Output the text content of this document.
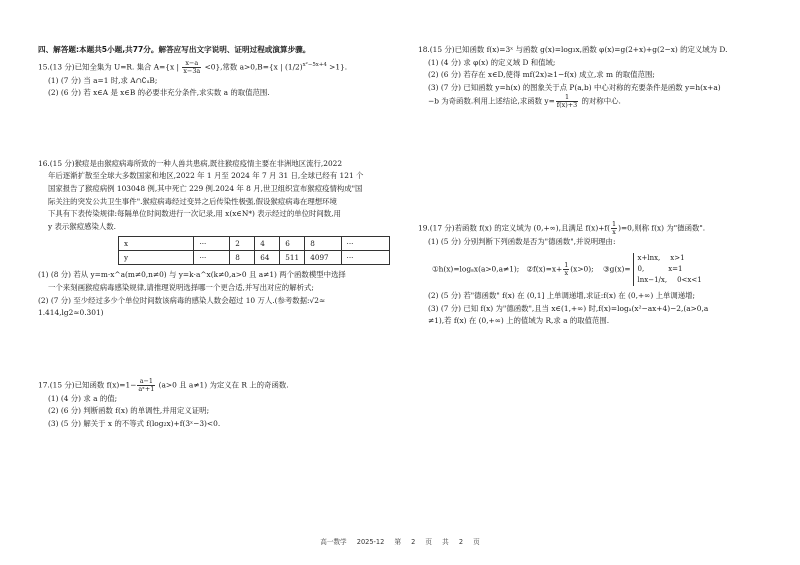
四、解答题:本题共5小题,共77分。解答应写出文字说明、证明过程或演算步骤。
15.(13 分)已知全集为 U=R. 集合 A={x | $\frac{x-a}{x-3a} <0$},常数 a>0,B={x | $(1/2)^{x^2-5x+4} >1$}.
(1) (7 分) 当 a=1 时,求 A∩∁ᵤB;
(2) (6 分) 若 x∈A 是 x∈B 的必要非充分条件,求实数 a 的取值范围.
16.(15 分)猴痘是由猴痘病毒所致的一种人兽共患病,既往猴痘疫情主要在非洲地区流行,2022
年后逐渐扩散至全球大多数国家和地区,2022 年 1 月至 2024 年 7 月 31 日,全球已经有 121 个
国家报告了猴痘病例 103048 例,其中死亡 229 例.2024 年 8 月,世卫组织宣布猴痘疫情构成"国
际关注的突发公共卫生事件".猴痘病毒经过变异之后传染性极强,假设猴痘病毒在理想环境
下具有下表传染规律:每隔单位时间数进行一次记录,用 x(x∈N*) 表示经过的单位时间数,用
y 表示猴痘感染人数.
x	···	2	4	6	8	···
y	···	8	64	511	4097	···
(1) (8 分) 若从 y=m·x^a(m≠0,n≠0) 与 y=k·a^x(k≠0,a>0 且 a≠1) 两个函数模型中选择
一个来刻画猴痘病毒感染规律,请推理说明选择哪一个更合适,并写出对应的解析式;
(2) (7 分) 至少经过多少个单位时间数该病毒的感染人数会超过 10 万人.(参考数据:√2≈
1.414,lg2≈0.301)
17.(15 分)已知函数 $f(x)=1- \frac{a-1}{\text{aˣ+1}} (a>0$ 且 a≠1) 为定义在 R 上的奇函数.
(1) (4 分) 求 a 的值;
(2) (6 分) 判断函数 f(x) 的单调性,并用定义证明;
(3) (5 分) 解关于 x 的不等式 f(log₂x)+f(3ˣ−3)<0.
18.(15 分)已知函数 f(x)=3ˣ 与函数 g(x)=log₃x,函数 φ(x)=g(2+x)+g(2−x) 的定义域为 D.
(1) (4 分) 求 φ(x) 的定义域 D 和值域;
(2) (6 分) 若存在 x∈D,使得 mf(2x)≥1−f(x) 成立,求 m 的取值范围;
(3) (7 分) 已知函数 y=h(x) 的图象关于点 P(a,b) 中心对称的充要条件是函数 y=h(x+a)
−b 为奇函数.利用上述结论,求函数 $y= \frac{1}{f(x)+3}$ 的对称中心.
19.(17 分)若函数 f(x) 的定义域为 (0,+∞),且满足 $f(x)+f( \frac{1}{x} )=0$,则称 f(x) 为"德函数".
(1) (5 分) 分别判断下列函数是否为"德函数",并说明理由:
①h(x)=logₐx(a>0,a≠1); ②f(x)=x+ $\frac{1}{x} (x>0)$; ③g(x)=
x+lnx, x>1
0,	x=1
lnx−1/x, 0<x<1
(2) (5 分) 若"德函数" f(x) 在 (0,1] 上单调递增,求证:f(x) 在 (0,+∞) 上单调递增;
(3) (7 分) 已知 f(x) 为"德函数",且当 x∈(1,+∞) 时,f(x)=logₐ(x²−ax+4)−2,(a>0,a
≠1),若 f(x) 在 (0,+∞) 上的值域为 R,求 a 的取值范围.
高一数学 2025-12 第 2 页 共 2 页
